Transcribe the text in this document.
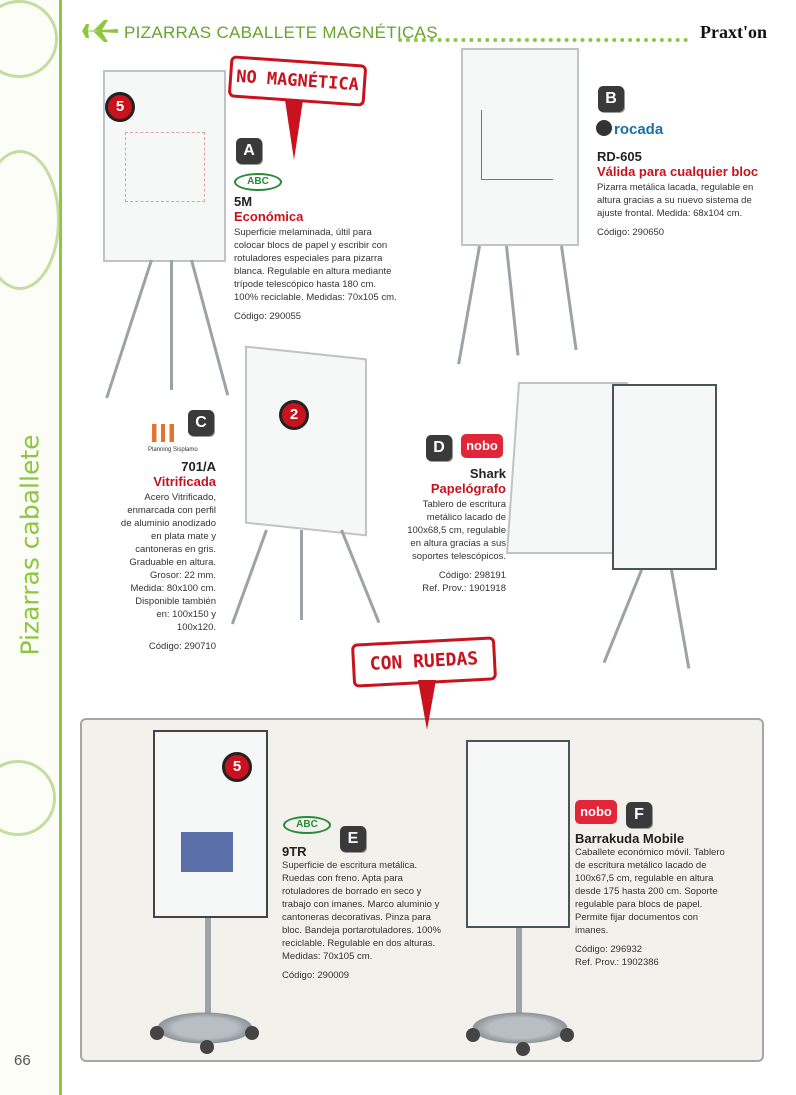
Pizarras caballete
66
PIZARRAS CABALLETE MAGNÉTICAS	Praxt'on
5
NO MAGNÉTICA
A
ABC
5M
Económica
Superficie melaminada, últil para colocar blocs de papel y escribir con rotuladores especiales para pizarra blanca. Regulable en altura mediante trípode telescópico hasta 180 cm. 100% reciclable. Medidas: 70x105 cm.
Código: 290055
B
rocada
RD-605
Válida para cualquier bloc
Pizarra metálica lacada, regulable en altura gracias a su nuevo sistema de ajuste frontal. Medida: 68x104 cm.
Código: 290650
2
Planning Sisplamo
C
701/A
Vitrificada
Acero Vitrificado, enmarcada con perfil de aluminio anodizado en plata mate y cantoneras en gris. Graduable en altura. Grosor: 22 mm. Medida: 80x100 cm. Disponible también en: 100x150 y 100x120.
Código: 290710
D	nobo
Shark
Papelógrafo
Tablero de escritura metálico lacado de 100x68,5 cm, regulable en altura gracias a sus soportes telescópicos.
Código: 298191
Ref. Prov.: 1901918
CON RUEDAS
5
ABC
E
9TR
Superficie de escritura metálica. Ruedas con freno. Apta para rotuladores de borrado en seco y trabajo con imanes. Marco aluminio y cantoneras decorativas. Pinza para bloc. Bandeja portarotuladores. 100% reciclable. Regulable en dos alturas. Medidas: 70x105 cm.
Código: 290009
nobo	F
Barrakuda Mobile
Caballete económico móvil. Tablero de escritura metálico lacado de 100x67,5 cm, regulable en altura desde 175 hasta 200 cm. Soporte regulable para blocs de papel. Permite fijar documentos con imanes.
Código: 296932
Ref. Prov.: 1902386
